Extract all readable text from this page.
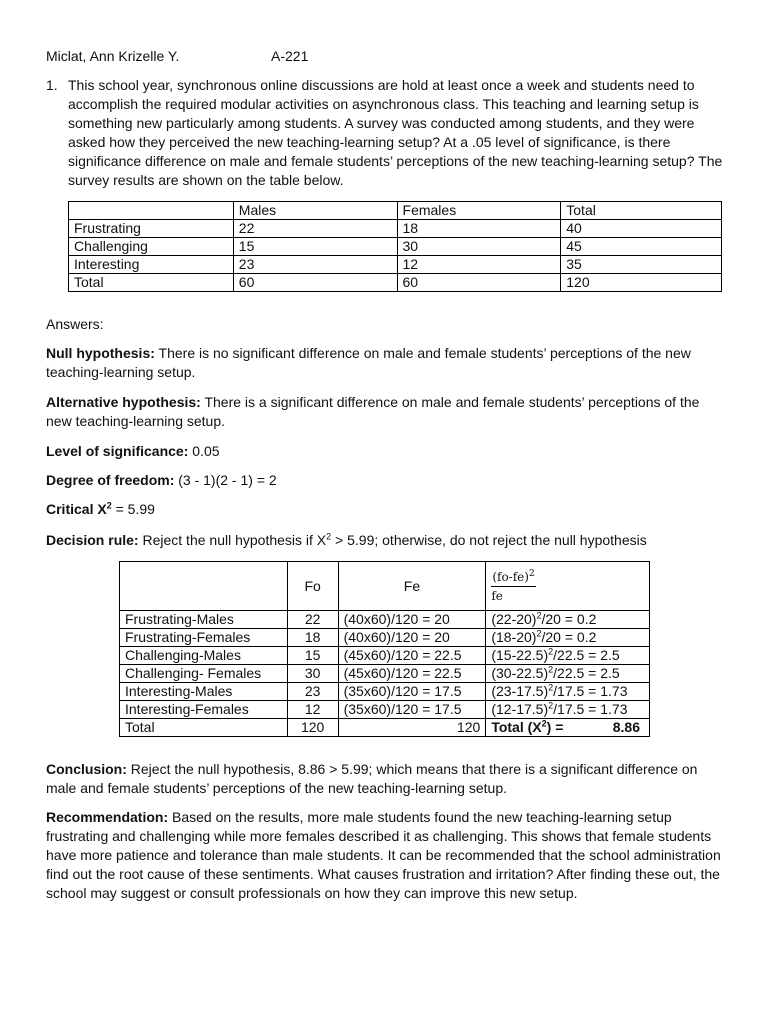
Miclat, Ann Krizelle Y.	A-221
1. This school year, synchronous online discussions are hold at least once a week and students need to accomplish the required modular activities on asynchronous class. This teaching and learning setup is something new particularly among students. A survey was conducted among students, and they were asked how they perceived the new teaching-learning setup? At a .05 level of significance, is there significance difference on male and female students’ perceptions of the new teaching-learning setup? The survey results are shown on the table below.
	Males	Females	Total
Frustrating	22	18	40
Challenging	15	30	45
Interesting	23	12	35
Total	60	60	120
Answers:
Null hypothesis: There is no significant difference on male and female students’ perceptions of the new teaching-learning setup.
Alternative hypothesis: There is a significant difference on male and female students’ perceptions of the new teaching-learning setup.
Level of significance: 0.05
Degree of freedom: (3 - 1)(2 - 1) = 2
Critical $X^2 = 5.99$
Decision rule: Reject the null hypothesis if $X^2 > 5.99$; otherwise, do not reject the null hypothesis
	Fo	Fe	$\frac{(fo-fe)^2}{fe}$

Frustrating-Males	22	(40x60)/120 = 20	$(22-20)^2/20 = 0.2$
Frustrating-Females	18	(40x60)/120 = 20	$(18-20)^2/20 = 0.2$
Challenging-Males	15	(45x60)/120 = 22.5	$(15-22.5)^2/22.5 = 2.5$
Challenging- Females	30	(45x60)/120 = 22.5	$(30-22.5)^2/22.5 = 2.5$
Interesting-Males	23	(35x60)/120 = 17.5	$(23-17.5)^2/17.5 = 1.73$
Interesting-Females	12	(35x60)/120 = 17.5	$(12-17.5)^2/17.5 = 1.73$
Total	120	120	Total $(X^2) = 8.86$
Conclusion: Reject the null hypothesis, 8.86 > 5.99; which means that there is a significant difference on male and female students’ perceptions of the new teaching-learning setup.
Recommendation: Based on the results, more male students found the new teaching-learning setup frustrating and challenging while more females described it as challenging. This shows that female students have more patience and tolerance than male students. It can be recommended that the school administration find out the root cause of these sentiments. What causes frustration and irritation? After finding these out, the school may suggest or consult professionals on how they can improve this new setup.
